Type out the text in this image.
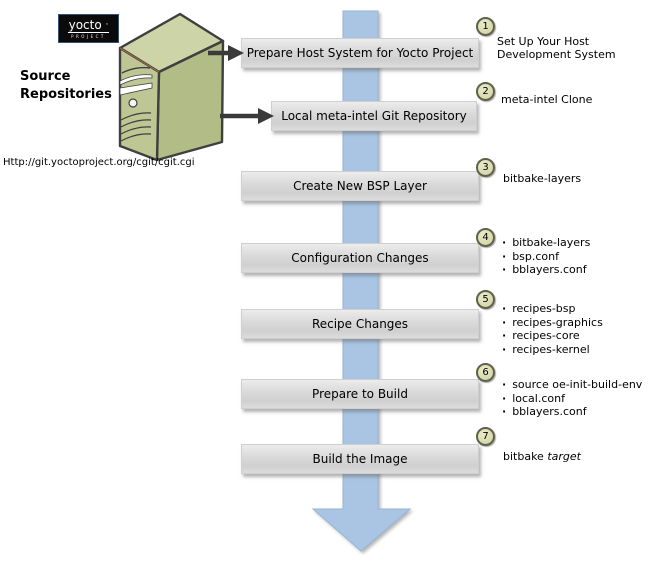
Prepare Host System for Yocto Project
Local meta-intel Git Repository
Create New BSP Layer
Configuration Changes
Recipe Changes
Prepare to Build
Build the Image
yocto ·
PROJECT
Source
Repositories
Http://git.yoctoproject.org/cgit/cgit.cgi
1
2
3
4
5
6
7
Set Up Your Host
Development System
meta-intel Clone
bitbake-layers
· bitbake-layers
· bsp.conf
· bblayers.conf
· recipes-bsp
· recipes-graphics
· recipes-core
· recipes-kernel
· source oe-init-build-env
· local.conf
· bblayers.conf
bitbake target
